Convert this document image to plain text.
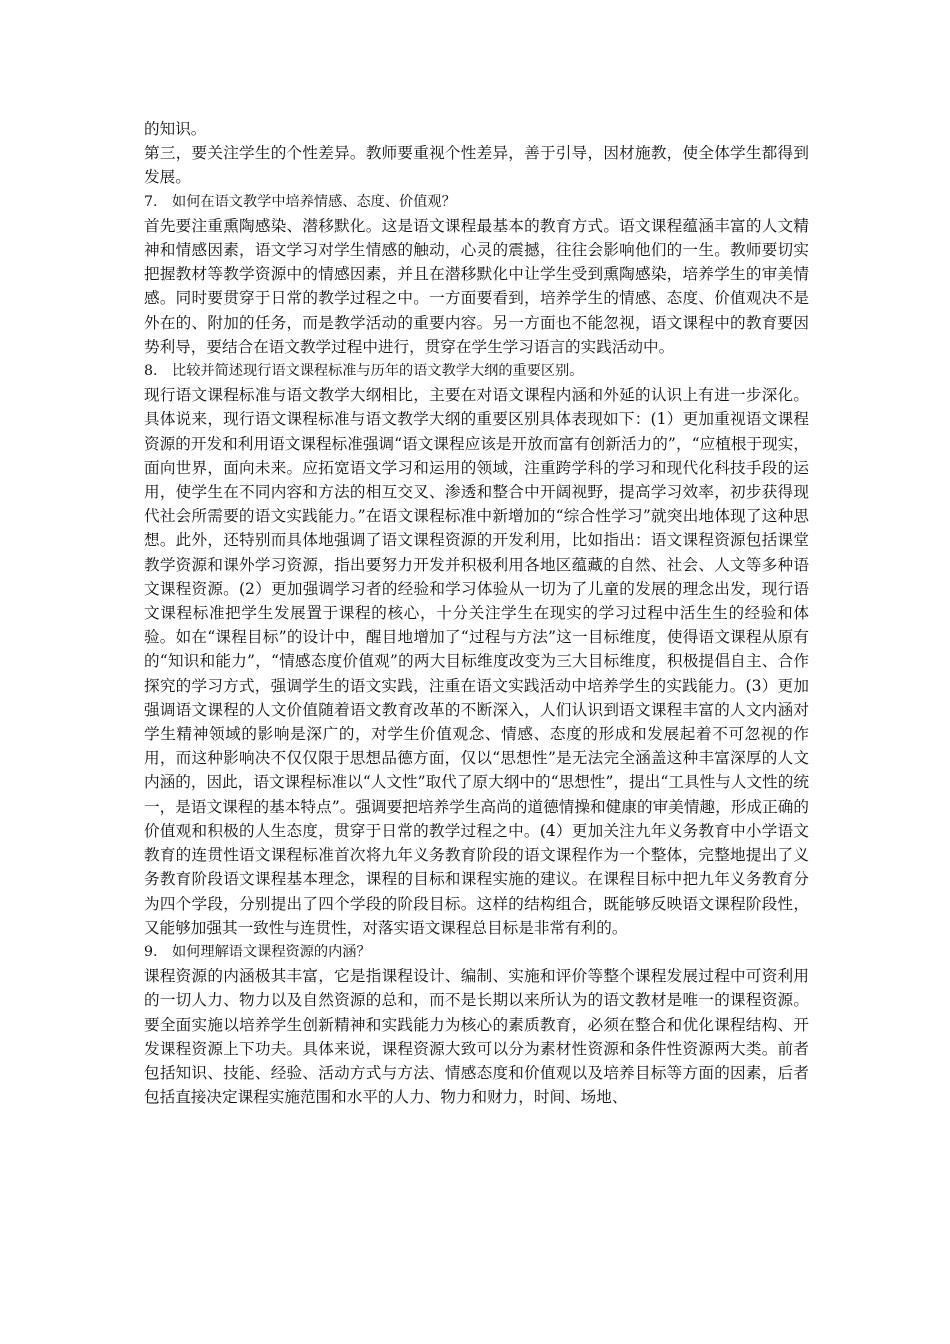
的知识。

第三，要关注学生的个性差异。教师要重视个性差异，善于引导，因材施教，使全体学生都得到发展。

7. 如何在语文教学中培养情感、态度、价值观？

首先要注重熏陶感染、潜移默化。这是语文课程最基本的教育方式。语文课程蕴涵丰富的人文精神和情感因素，语文学习对学生情感的触动，心灵的震撼，往往会影响他们的一生。教师要切实把握教材等教学资源中的情感因素，并且在潜移默化中让学生受到熏陶感染，培养学生的审美情感。同时要贯穿于日常的教学过程之中。一方面要看到，培养学生的情感、态度、价值观决不是外在的、附加的任务，而是教学活动的重要内容。另一方面也不能忽视，语文课程中的教育要因势利导，要结合在语文教学过程中进行，贯穿在学生学习语言的实践活动中。

8. 比较并简述现行语文课程标准与历年的语文教学大纲的重要区别。

现行语文课程标准与语文教学大纲相比，主要在对语文课程内涵和外延的认识上有进一步深化。具体说来，现行语文课程标准与语文教学大纲的重要区别具体表现如下：(1）更加重视语文课程资源的开发和利用语文课程标准强调“语文课程应该是开放而富有创新活力的”，“应植根于现实，面向世界，面向未来。应拓宽语文学习和运用的领域，注重跨学科的学习和现代化科技手段的运用，使学生在不同内容和方法的相互交叉、渗透和整合中开阔视野，提高学习效率，初步获得现代社会所需要的语文实践能力。”在语文课程标准中新增加的“综合性学习”就突出地体现了这种思想。此外，还特别而具体地强调了语文课程资源的开发利用，比如指出：语文课程资源包括课堂教学资源和课外学习资源，指出要努力开发并积极利用各地区蕴藏的自然、社会、人文等多种语文课程资源。(2）更加强调学习者的经验和学习体验从一切为了儿童的发展的理念出发，现行语文课程标准把学生发展置于课程的核心，十分关注学生在现实的学习过程中活生生的经验和体验。如在“课程目标”的设计中，醒目地增加了“过程与方法”这一目标维度，使得语文课程从原有的“知识和能力”，“情感态度价值观”的两大目标维度改变为三大目标维度，积极提倡自主、合作探究的学习方式，强调学生的语文实践，注重在语文实践活动中培养学生的实践能力。(3）更加强调语文课程的人文价值随着语文教育改革的不断深入，人们认识到语文课程丰富的人文内涵对学生精神领域的影响是深广的，对学生价值观念、情感、态度的形成和发展起着不可忽视的作用，而这种影响决不仅仅限于思想品德方面，仅以“思想性”是无法完全涵盖这种丰富深厚的人文内涵的，因此，语文课程标准以“人文性”取代了原大纲中的“思想性”，提出“工具性与人文性的统一，是语文课程的基本特点”。强调要把培养学生高尚的道德情操和健康的审美情趣，形成正确的价值观和积极的人生态度，贯穿于日常的教学过程之中。(4）更加关注九年义务教育中小学语文教育的连贯性语文课程标准首次将九年义务教育阶段的语文课程作为一个整体，完整地提出了义务教育阶段语文课程基本理念，课程的目标和课程实施的建议。在课程目标中把九年义务教育分为四个学段，分别提出了四个学段的阶段目标。这样的结构组合，既能够反映语文课程阶段性，又能够加强其一致性与连贯性，对落实语文课程总目标是非常有利的。

9. 如何理解语文课程资源的内涵？

课程资源的内涵极其丰富，它是指课程设计、编制、实施和评价等整个课程发展过程中可资利用的一切人力、物力以及自然资源的总和，而不是长期以来所认为的语文教材是唯一的课程资源。要全面实施以培养学生创新精神和实践能力为核心的素质教育，必须在整合和优化课程结构、开发课程资源上下功夫。具体来说，课程资源大致可以分为素材性资源和条件性资源两大类。前者包括知识、技能、经验、活动方式与方法、情感态度和价值观以及培养目标等方面的因素，后者包括直接决定课程实施范围和水平的人力、物力和财力，时间、场地、
